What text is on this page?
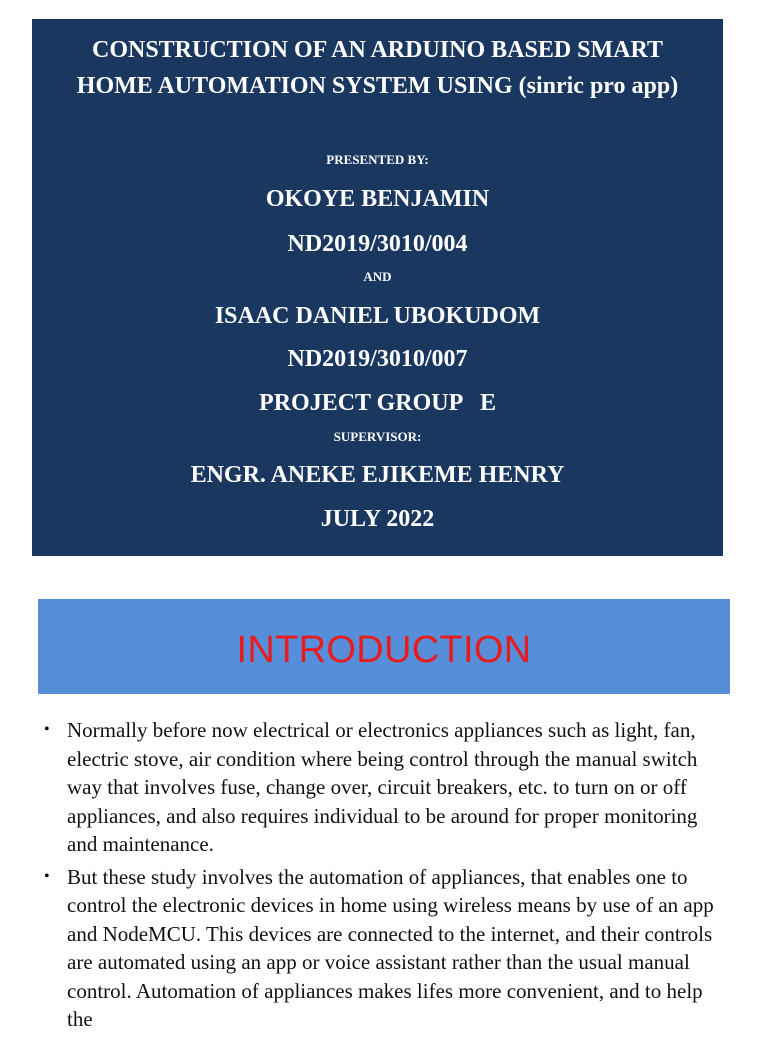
CONSTRUCTION OF AN ARDUINO BASED SMART
HOME AUTOMATION SYSTEM USING (sinric pro app)

PRESENTED BY:

OKOYE BENJAMIN

ND2019/3010/004

AND

ISAAC DANIEL UBOKUDOM

ND2019/3010/007

PROJECT GROUP   E

SUPERVISOR:

ENGR. ANEKE EJIKEME HENRY

JULY 2022

INTRODUCTION
• Normally before now electrical or electronics appliances such as light, fan, electric stove, air condition where being control through the manual switch way that involves fuse, change over, circuit breakers, etc. to turn on or off appliances, and also requires individual to be around for proper monitoring and maintenance.

• But these study involves the automation of appliances, that enables one to control the electronic devices in home using wireless means by use of an app and NodeMCU. This devices are connected to the internet, and their controls are automated using an app or voice assistant rather than the usual manual control. Automation of appliances makes lifes more convenient, and to help the
